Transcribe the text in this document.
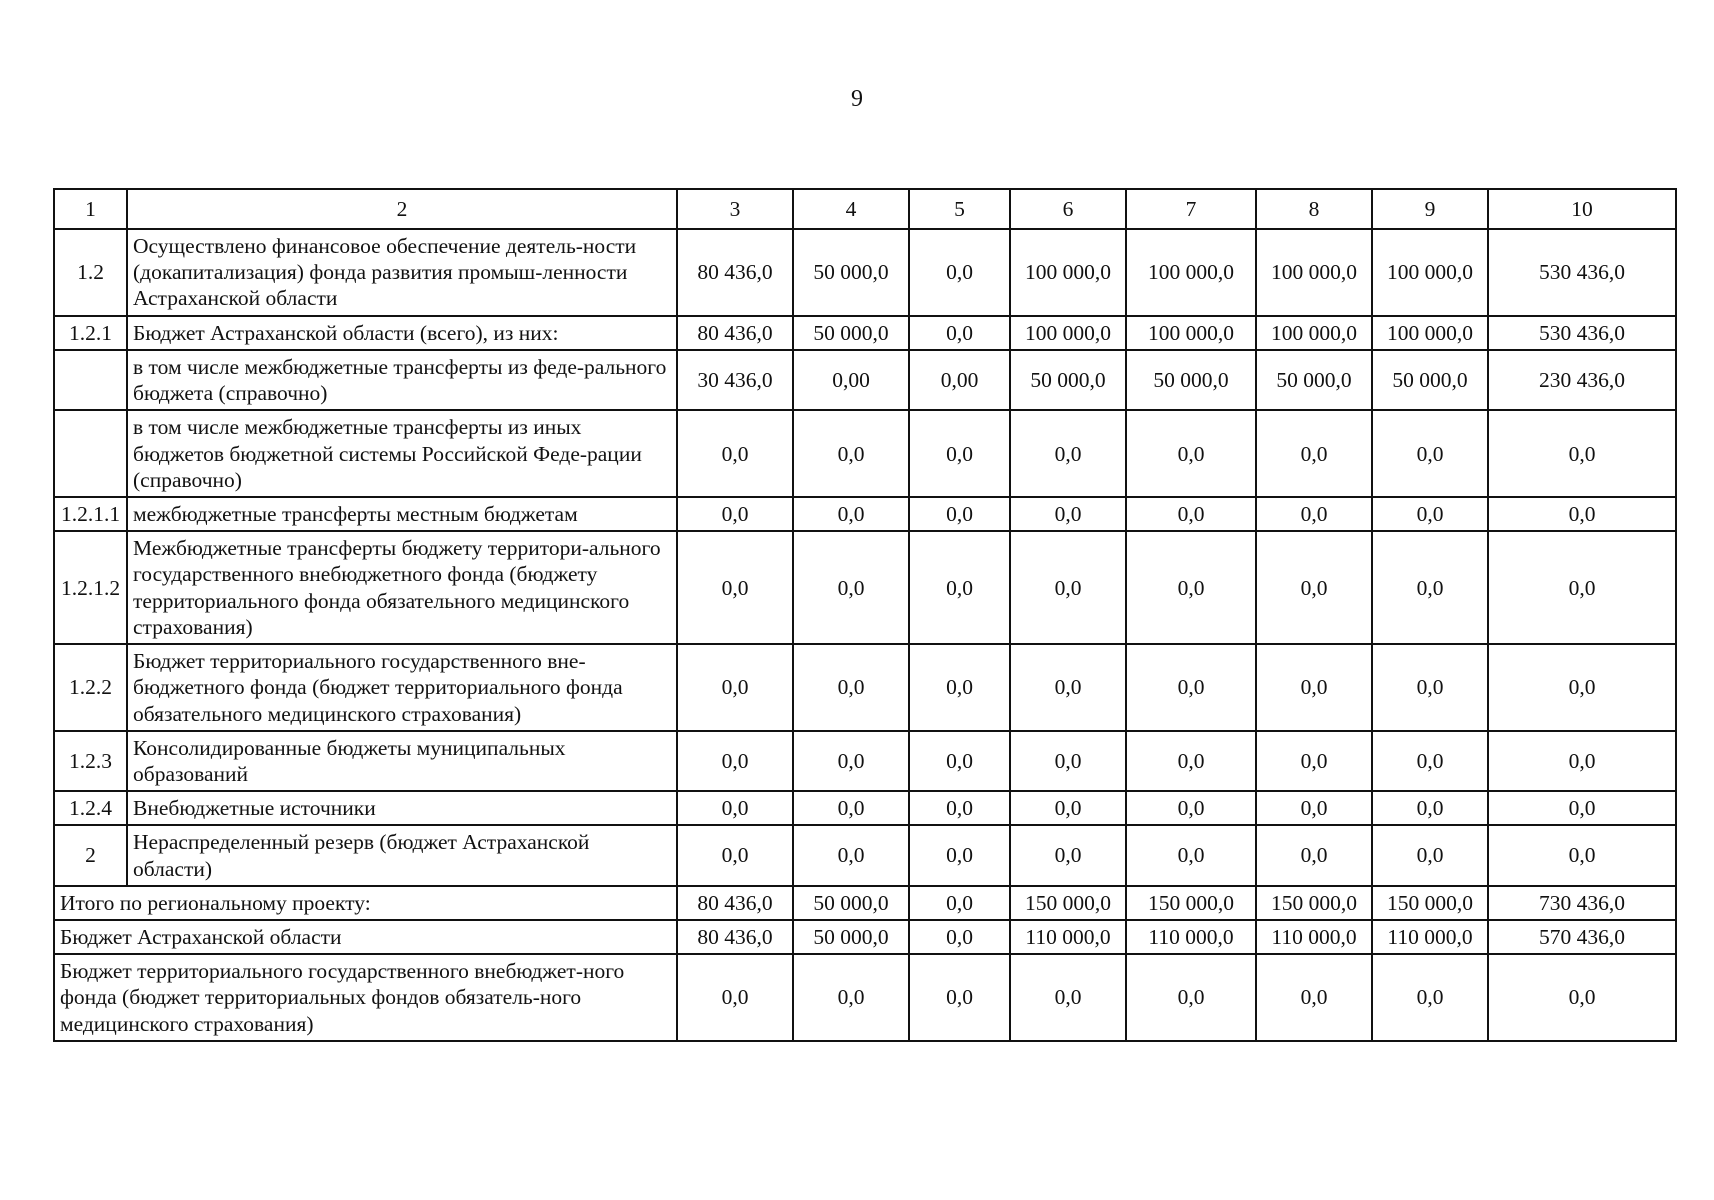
9
1	2	3	4	5	6	7	8	9	10
1.2	Осуществлено финансовое обеспечение деятель-ности (докапитализация) фонда развития промыш-ленности Астраханской области	80 436,0	50 000,0	0,0	100 000,0	100 000,0	100 000,0	100 000,0	530 436,0
1.2.1	Бюджет Астраханской области (всего), из них:	80 436,0	50 000,0	0,0	100 000,0	100 000,0	100 000,0	100 000,0	530 436,0
	в том числе межбюджетные трансферты из феде-рального бюджета (справочно)	30 436,0	0,00	0,00	50 000,0	50 000,0	50 000,0	50 000,0	230 436,0
	в том числе межбюджетные трансферты из иных бюджетов бюджетной системы Российской Феде-рации (справочно)	0,0	0,0	0,0	0,0	0,0	0,0	0,0	0,0
1.2.1.1	межбюджетные трансферты местным бюджетам	0,0	0,0	0,0	0,0	0,0	0,0	0,0	0,0
1.2.1.2	Межбюджетные трансферты бюджету территори-ального государственного внебюджетного фонда (бюджету территориального фонда обязательного медицинского страхования)	0,0	0,0	0,0	0,0	0,0	0,0	0,0	0,0
1.2.2	Бюджет территориального государственного вне-бюджетного фонда (бюджет территориального фонда обязательного медицинского страхования)	0,0	0,0	0,0	0,0	0,0	0,0	0,0	0,0
1.2.3	Консолидированные бюджеты муниципальных образований	0,0	0,0	0,0	0,0	0,0	0,0	0,0	0,0
1.2.4	Внебюджетные источники	0,0	0,0	0,0	0,0	0,0	0,0	0,0	0,0
2	Нераспределенный резерв (бюджет Астраханской области)	0,0	0,0	0,0	0,0	0,0	0,0	0,0	0,0
Итого по региональному проекту:		80 436,0	50 000,0	0,0	150 000,0	150 000,0	150 000,0	150 000,0	730 436,0
Бюджет Астраханской области		80 436,0	50 000,0	0,0	110 000,0	110 000,0	110 000,0	110 000,0	570 436,0
Бюджет территориального государственного внебюджет-ного фонда (бюджет территориальных фондов обязатель-ного медицинского страхования)		0,0	0,0	0,0	0,0	0,0	0,0	0,0	0,0
